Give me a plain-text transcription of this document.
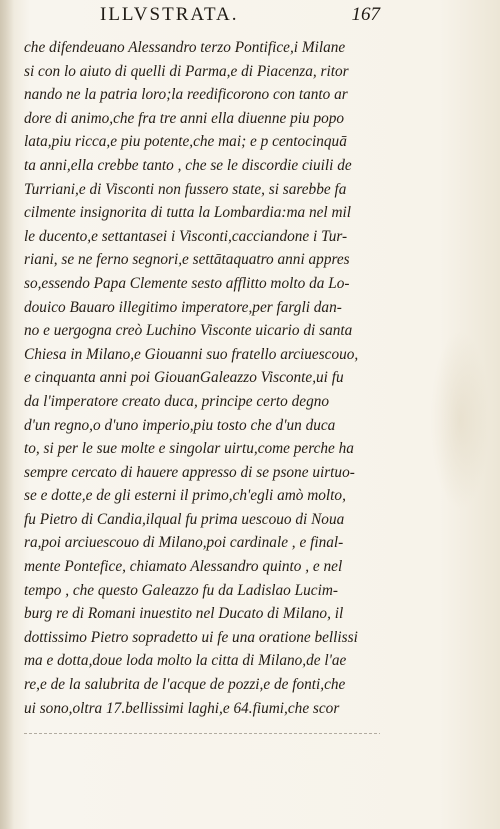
ILLVSTRATA.	167
che difendeuano Alessandro terzo Pontifice,i Milane
si con lo aiuto di quelli di Parma,e di Piacenza, ritor
nando ne la patria loro;la reedificorono con tanto ar
dore di animo,che fra tre anni ella diuenne piu popo
lata,piu ricca,e piu potente,che mai; e p centocinquā
ta anni,ella crebbe tanto , che se le discordie ciuili de
Turriani,e di Visconti non fussero state, si sarebbe fa
cilmente insignorita di tutta la Lombardia:ma nel mil
le ducento,e settantasei i Visconti,cacciandone i Tur-
riani, se ne ferno segnori,e settātaquatro anni appres
so,essendo Papa Clemente sesto afflitto molto da Lo-
douico Bauaro illegitimo imperatore,per fargli dan-
no e uergogna creò Luchino Visconte uicario di santa
Chiesa in Milano,e Giouanni suo fratello arciuescouo,
e cinquanta anni poi GiouanGaleazzo Visconte,ui fu
da l'imperatore creato duca, principe certo degno
d'un regno,o d'uno imperio,piu tosto che d'un duca
to, si per le sue molte e singolar uirtu,come perche ha
sempre cercato di hauere appresso di se psone uirtuo-
se e dotte,e de gli esterni il primo,ch'egli amò molto,
fu Pietro di Candia,ilqual fu prima uescouo di Noua
ra,poi arciuescouo di Milano,poi cardinale , e final-
mente Pontefice, chiamato Alessandro quinto , e nel
tempo , che questo Galeazzo fu da Ladislao Lucim-
burg re di Romani inuestito nel Ducato di Milano, il
dottissimo Pietro sopradetto ui fe una oratione bellissi
ma e dotta,doue loda molto la citta di Milano,de l'ae
re,e de la salubrita de l'acque de pozzi,e de fonti,che
ui sono,oltra 17.bellissimi laghi,e 64.fiumi,che scor
